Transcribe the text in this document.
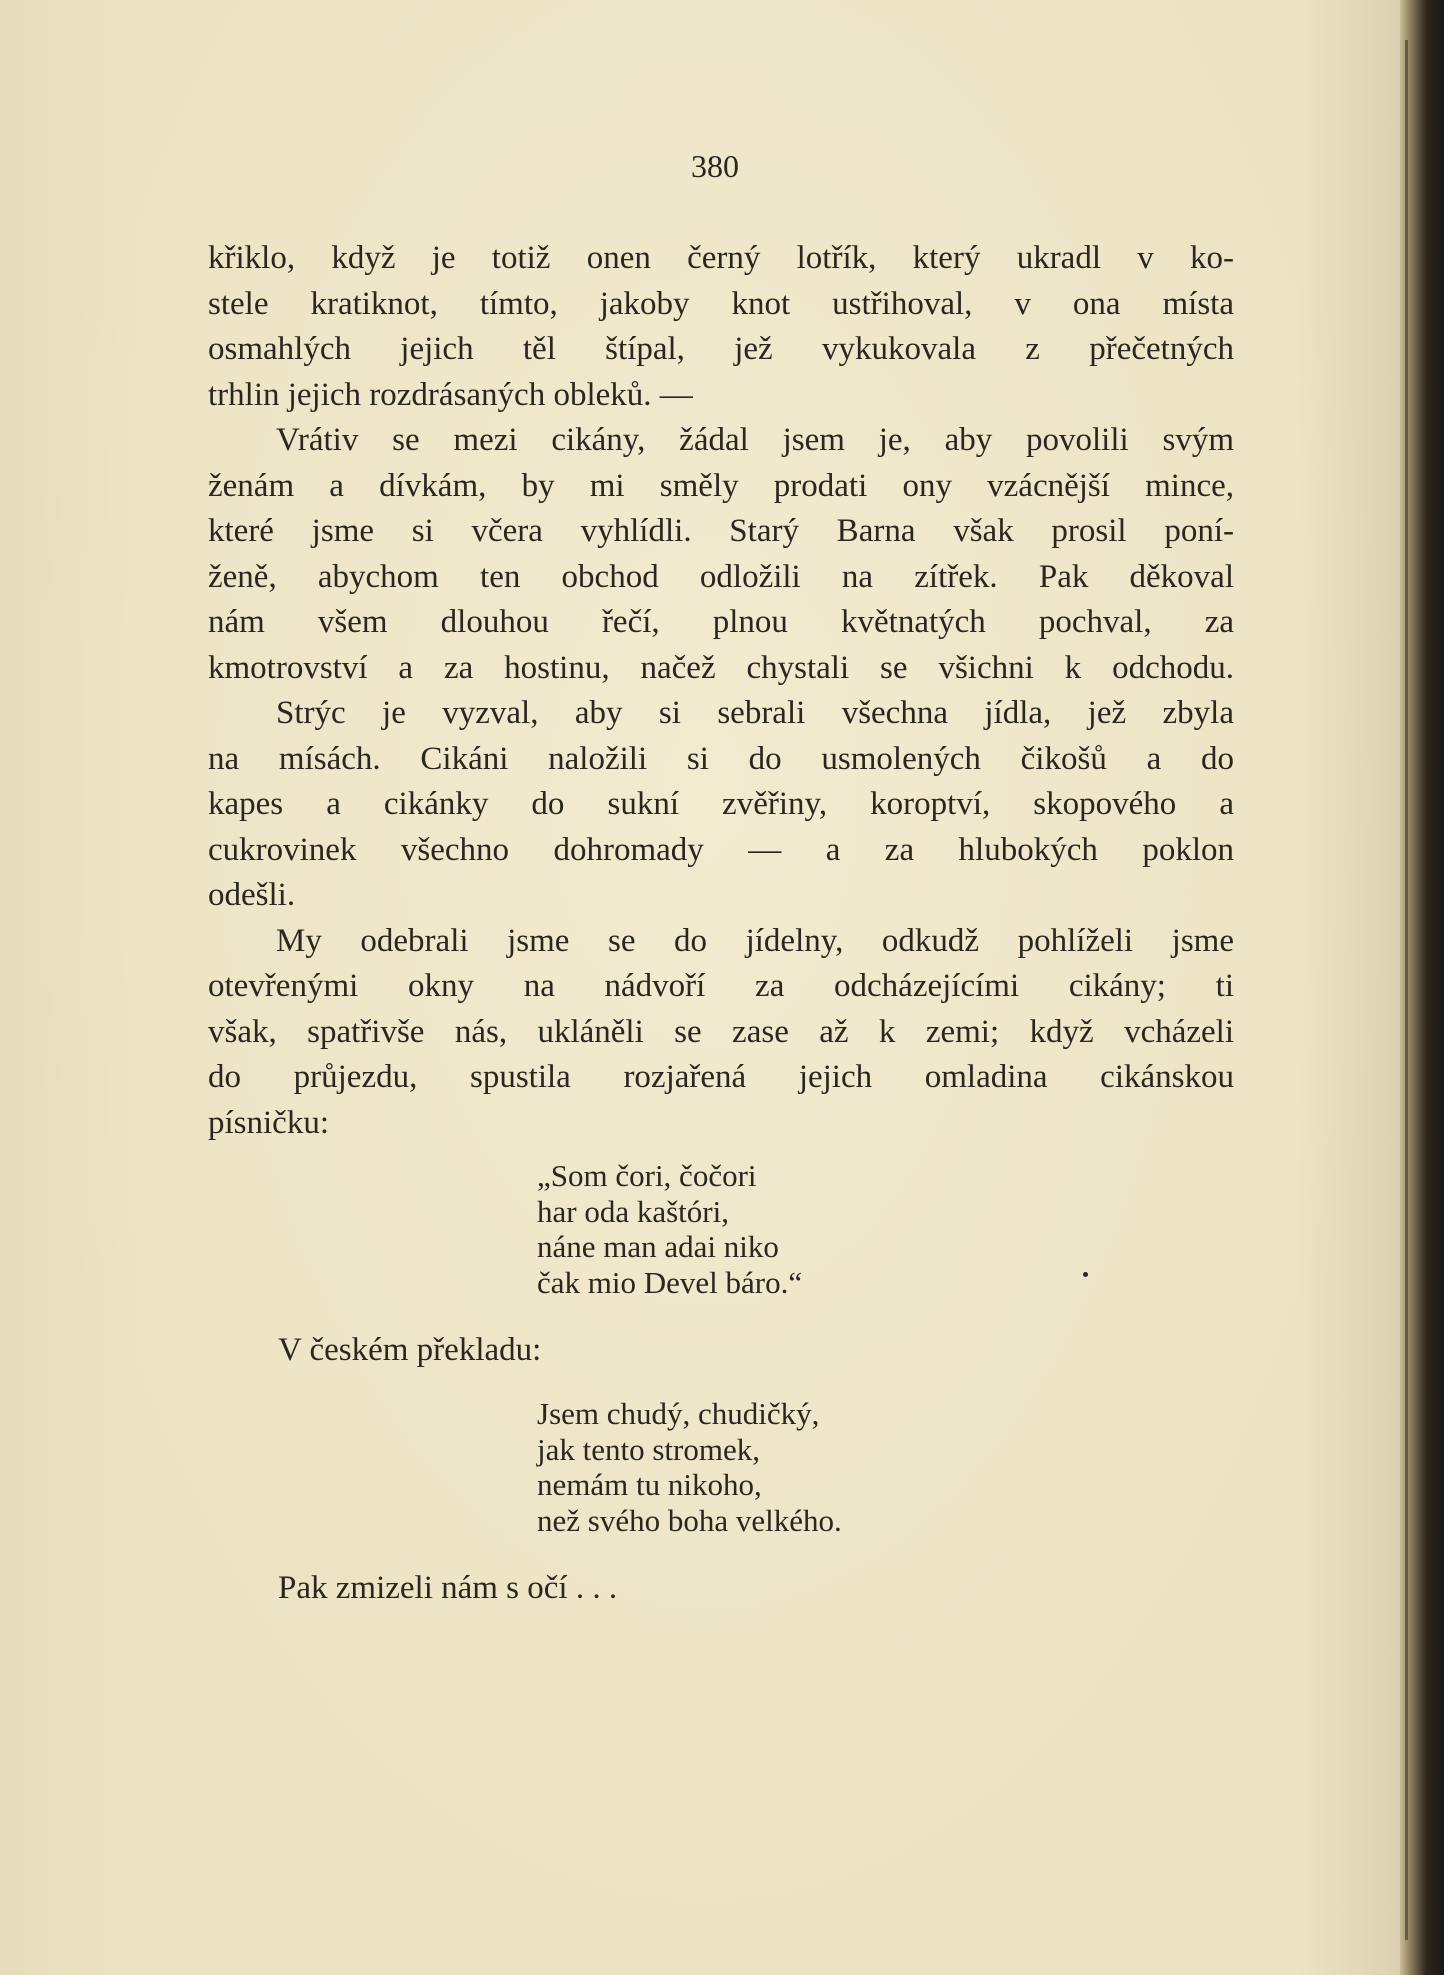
380
křiklo, když je totiž onen černý lotřík, který ukradl v ko-
stele kratiknot, tímto, jakoby knot ustřihoval, v ona místa
osmahlých jejich těl štípal, jež vykukovala z přečetných
trhlin jejich rozdrásaných obleků. —
Vrátiv se mezi cikány, žádal jsem je, aby povolili svým
ženám a dívkám, by mi směly prodati ony vzácnější mince,
které jsme si včera vyhlídli. Starý Barna však prosil poní-
ženě, abychom ten obchod odložili na zítřek. Pak děkoval
nám všem dlouhou řečí, plnou květnatých pochval, za
kmotrovství a za hostinu, načež chystali se všichni k odchodu.
Strýc je vyzval, aby si sebrali všechna jídla, jež zbyla
na mísách. Cikáni naložili si do usmolených čikošů a do
kapes a cikánky do sukní zvěřiny, koroptví, skopového a
cukrovinek všechno dohromady — a za hlubokých poklon
odešli.
My odebrali jsme se do jídelny, odkudž pohlíželi jsme
otevřenými okny na nádvoří za odcházejícími cikány; ti
však, spatřivše nás, ukláněli se zase až k zemi; když vcházeli
do průjezdu, spustila rozjařená jejich omladina cikánskou
písničku:
„Som čori, čočori
har oda kaštóri,
náne man adai niko
čak mio Devel báro.“
V českém překladu:
Jsem chudý, chudičký,
jak tento stromek,
nemám tu nikoho,
než svého boha velkého.
Pak zmizeli nám s očí . . .
